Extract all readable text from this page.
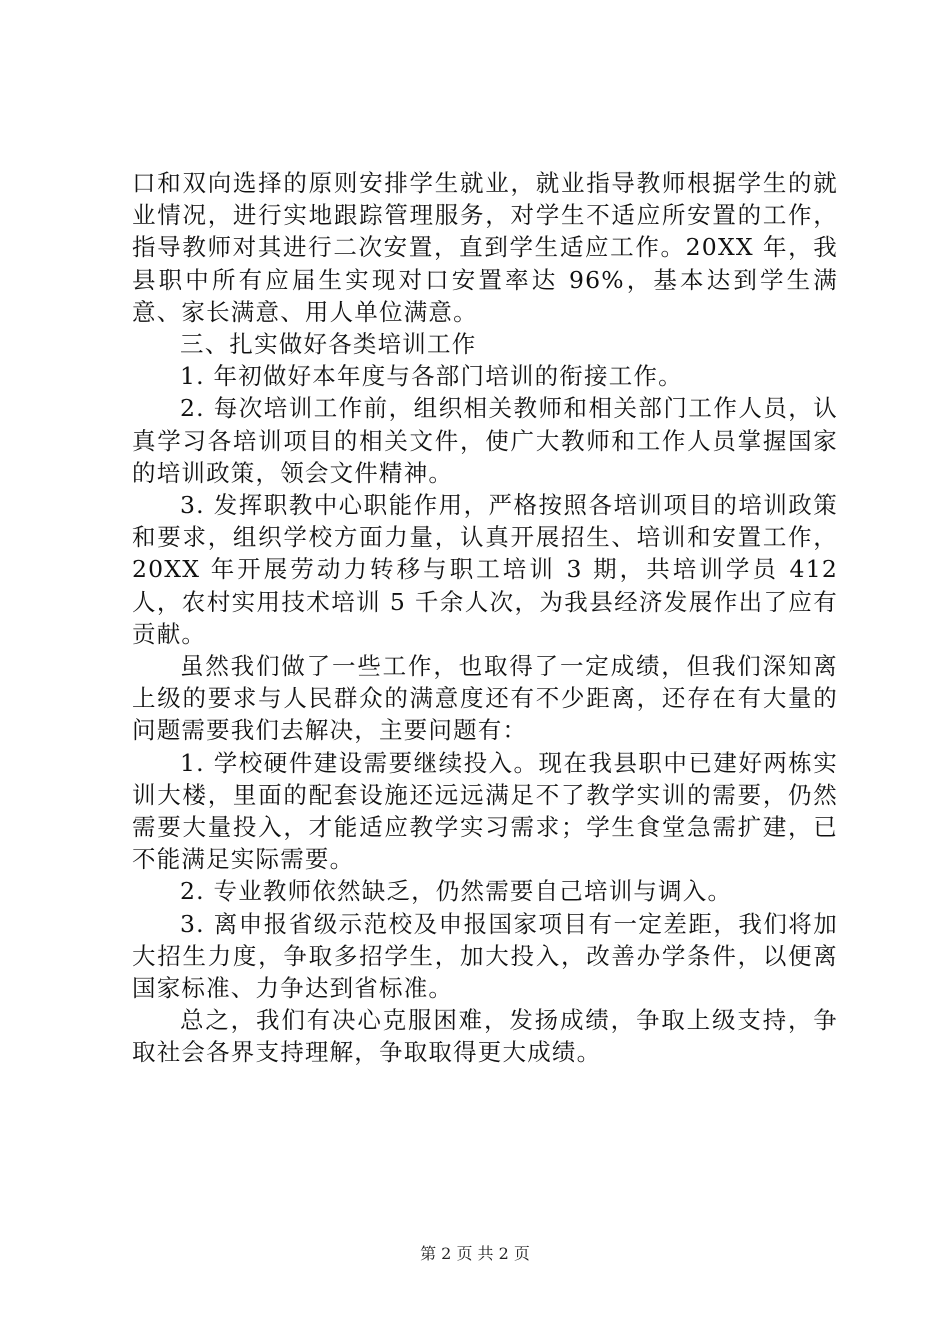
口和双向选择的原则安排学生就业，就业指导教师根据学生的就业情况，进行实地跟踪管理服务，对学生不适应所安置的工作，指导教师对其进行二次安置，直到学生适应工作。20XX 年，我县职中所有应届生实现对口安置率达 96%，基本达到学生满意、家长满意、用人单位满意。

三、扎实做好各类培训工作

1. 年初做好本年度与各部门培训的衔接工作。

2. 每次培训工作前，组织相关教师和相关部门工作人员，认真学习各培训项目的相关文件，使广大教师和工作人员掌握国家的培训政策，领会文件精神。

3. 发挥职教中心职能作用，严格按照各培训项目的培训政策和要求，组织学校方面力量，认真开展招生、培训和安置工作，20XX 年开展劳动力转移与职工培训 3 期，共培训学员 412 人，农村实用技术培训 5 千余人次，为我县经济发展作出了应有贡献。

虽然我们做了一些工作，也取得了一定成绩，但我们深知离上级的要求与人民群众的满意度还有不少距离，还存在有大量的问题需要我们去解决，主要问题有：

1. 学校硬件建设需要继续投入。现在我县职中已建好两栋实训大楼，里面的配套设施还远远满足不了教学实训的需要，仍然需要大量投入，才能适应教学实习需求；学生食堂急需扩建，已不能满足实际需要。

2. 专业教师依然缺乏，仍然需要自己培训与调入。

3. 离申报省级示范校及申报国家项目有一定差距，我们将加大招生力度，争取多招学生，加大投入，改善办学条件，以便离国家标准、力争达到省标准。

总之，我们有决心克服困难，发扬成绩，争取上级支持，争取社会各界支持理解，争取取得更大成绩。

第 2 页 共 2 页
